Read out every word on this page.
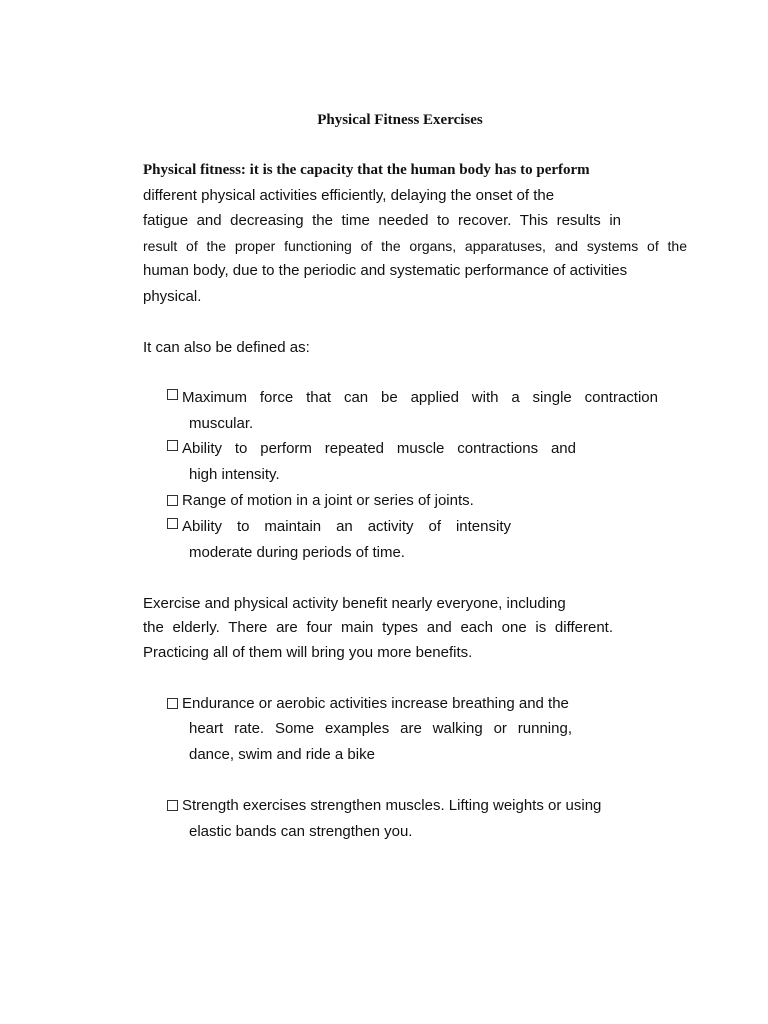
Physical Fitness Exercises
Physical fitness: it is the capacity that the human body has to perform
different physical activities efficiently, delaying the onset of the
fatigue and decreasing the time needed to recover. This results in
result of the proper functioning of the organs, apparatuses, and systems of the
human body, due to the periodic and systematic performance of activities
physical.
It can also be defined as:
Maximum force that can be applied with a single contraction
muscular.
Ability to perform repeated muscle contractions and
high intensity.
Range of motion in a joint or series of joints.
Ability to maintain an activity of intensity
moderate during periods of time.
Exercise and physical activity benefit nearly everyone, including
the elderly. There are four main types and each one is different.
Practicing all of them will bring you more benefits.
Endurance or aerobic activities increase breathing and the
heart rate. Some examples are walking or running,
dance, swim and ride a bike
Strength exercises strengthen muscles. Lifting weights or using
elastic bands can strengthen you.
